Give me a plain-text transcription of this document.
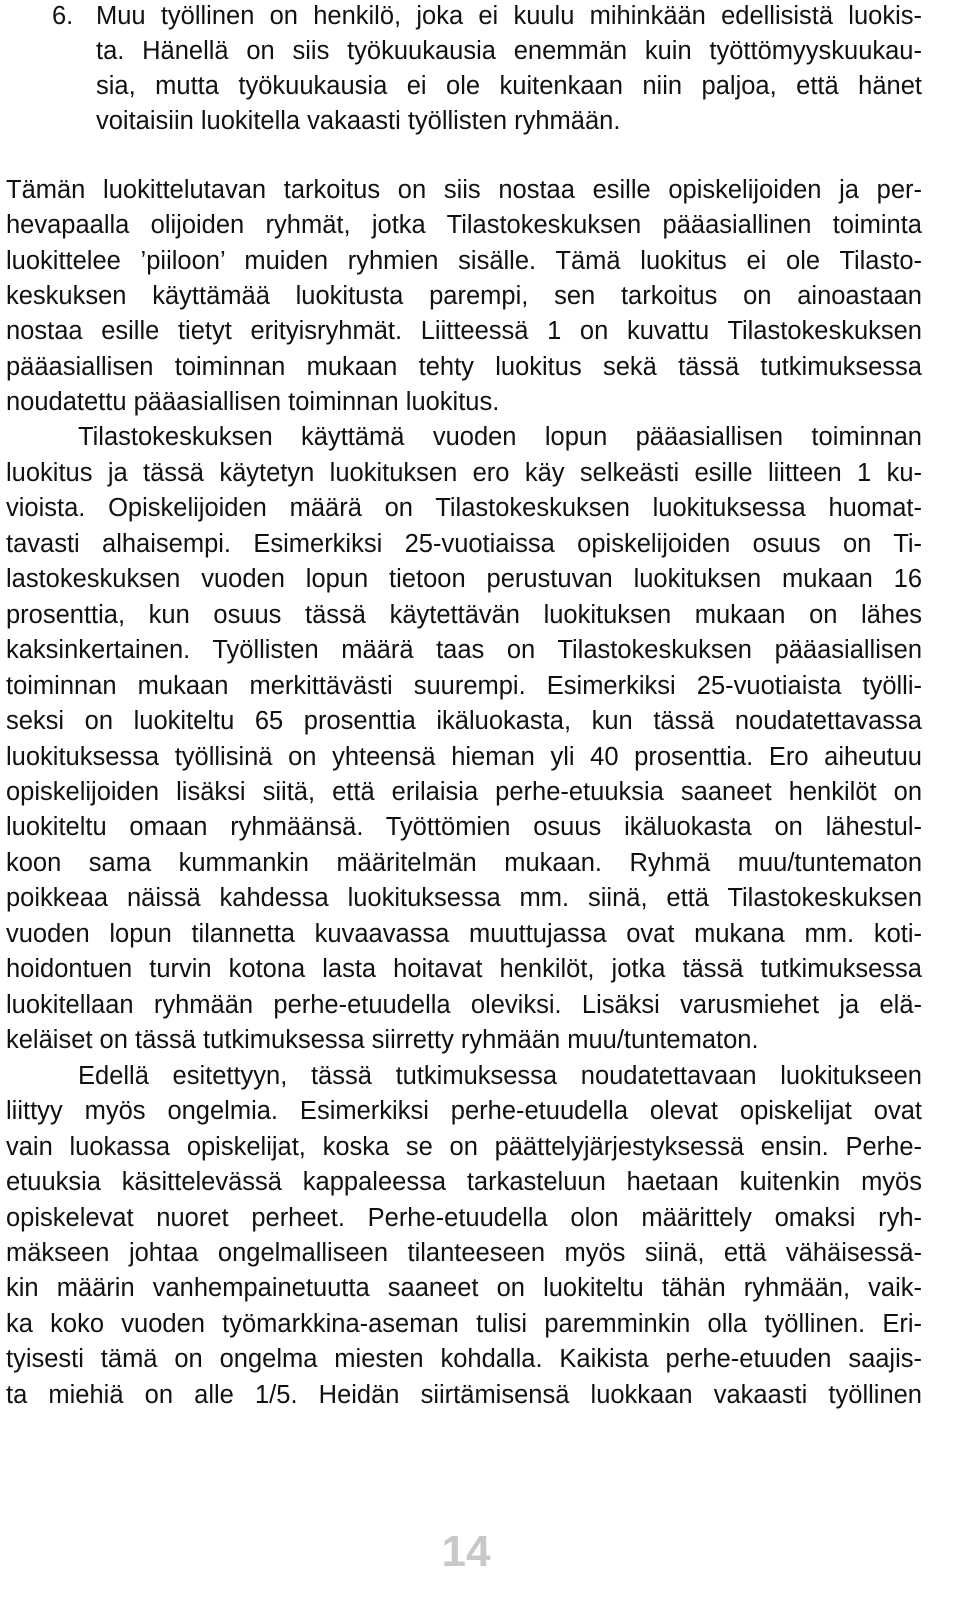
6. Muu työllinen on henkilö, joka ei kuulu mihinkään edellisistä luokis-

ta. Hänellä on siis työkuukausia enemmän kuin työttömyyskuukau-

sia, mutta työkuukausia ei ole kuitenkaan niin paljoa, että hänet

voitaisiin luokitella vakaasti työllisten ryhmään.

Tämän luokittelutavan tarkoitus on siis nostaa esille opiskelijoiden ja per-

hevapaalla olijoiden ryhmät, jotka Tilastokeskuksen pääasiallinen toiminta

luokittelee ’piiloon’ muiden ryhmien sisälle. Tämä luokitus ei ole Tilasto-

keskuksen käyttämää luokitusta parempi, sen tarkoitus on ainoastaan

nostaa esille tietyt erityisryhmät. Liitteessä 1 on kuvattu Tilastokeskuksen

pääasiallisen toiminnan mukaan tehty luokitus sekä tässä tutkimuksessa

noudatettu pääasiallisen toiminnan luokitus.

Tilastokeskuksen käyttämä vuoden lopun pääasiallisen toiminnan

luokitus ja tässä käytetyn luokituksen ero käy selkeästi esille liitteen 1 ku-

vioista. Opiskelijoiden määrä on Tilastokeskuksen luokituksessa huomat-

tavasti alhaisempi. Esimerkiksi 25-vuotiaissa opiskelijoiden osuus on Ti-

lastokeskuksen vuoden lopun tietoon perustuvan luokituksen mukaan 16

prosenttia, kun osuus tässä käytettävän luokituksen mukaan on lähes

kaksinkertainen. Työllisten määrä taas on Tilastokeskuksen pääasiallisen

toiminnan mukaan merkittävästi suurempi. Esimerkiksi 25-vuotiaista työlli-

seksi on luokiteltu 65 prosenttia ikäluokasta, kun tässä noudatettavassa

luokituksessa työllisinä on yhteensä hieman yli 40 prosenttia. Ero aiheutuu

opiskelijoiden lisäksi siitä, että erilaisia perhe-etuuksia saaneet henkilöt on

luokiteltu omaan ryhmäänsä. Työttömien osuus ikäluokasta on lähestul-

koon sama kummankin määritelmän mukaan. Ryhmä muu/tuntematon

poikkeaa näissä kahdessa luokituksessa mm. siinä, että Tilastokeskuksen

vuoden lopun tilannetta kuvaavassa muuttujassa ovat mukana mm. koti-

hoidontuen turvin kotona lasta hoitavat henkilöt, jotka tässä tutkimuksessa

luokitellaan ryhmään perhe-etuudella oleviksi. Lisäksi varusmiehet ja elä-

keläiset on tässä tutkimuksessa siirretty ryhmään muu/tuntematon.

Edellä esitettyyn, tässä tutkimuksessa noudatettavaan luokitukseen

liittyy myös ongelmia. Esimerkiksi perhe-etuudella olevat opiskelijat ovat

vain luokassa opiskelijat, koska se on päättelyjärjestyksessä ensin. Perhe-

etuuksia käsittelevässä kappaleessa tarkasteluun haetaan kuitenkin myös

opiskelevat nuoret perheet. Perhe-etuudella olon määrittely omaksi ryh-

mäkseen johtaa ongelmalliseen tilanteeseen myös siinä, että vähäisessä-

kin määrin vanhempainetuutta saaneet on luokiteltu tähän ryhmään, vaik-

ka koko vuoden työmarkkina-aseman tulisi paremminkin olla työllinen. Eri-

tyisesti tämä on ongelma miesten kohdalla. Kaikista perhe-etuuden saajis-

ta miehiä on alle 1/5. Heidän siirtämisensä luokkaan vakaasti työllinen

14
